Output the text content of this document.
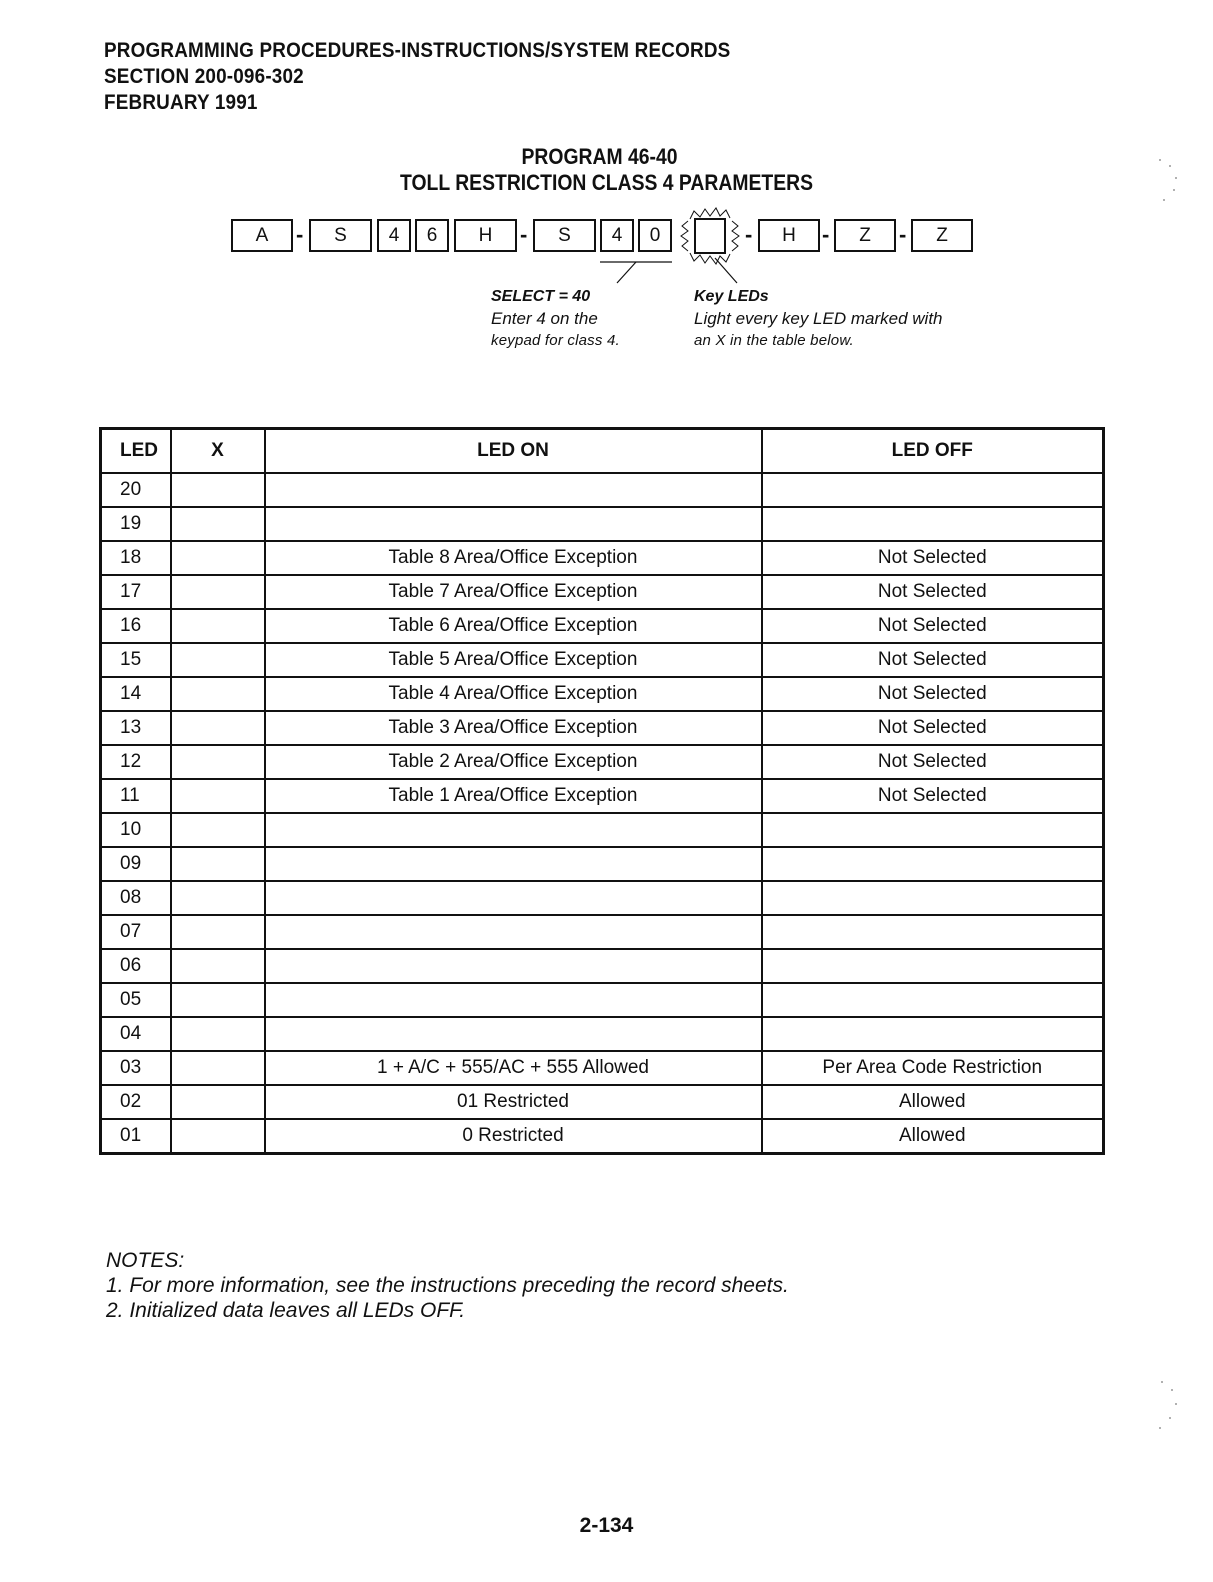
PROGRAMMING PROCEDURES-INSTRUCTIONS/SYSTEM RECORDS
SECTION 200-096-302
FEBRUARY 1991
PROGRAM 46-40
TOLL RESTRICTION CLASS 4 PARAMETERS
A	-	S	4	6	H	-	S	4	0	-	H	-	Z	-	Z
SELECT = 40
Enter 4 on the
keypad for class 4.
Key LEDs
Light every key LED marked with
an X in the table below.
LED	X	LED ON	LED OFF
20			
19			
18		Table 8 Area/Office Exception	Not Selected
17		Table 7 Area/Office Exception	Not Selected
16		Table 6 Area/Office Exception	Not Selected
15		Table 5 Area/Office Exception	Not Selected
14		Table 4 Area/Office Exception	Not Selected
13		Table 3 Area/Office Exception	Not Selected
12		Table 2 Area/Office Exception	Not Selected
11		Table 1 Area/Office Exception	Not Selected
10			
09			
08			
07			
06			
05			
04			
03		1 + A/C + 555/AC + 555 Allowed	Per Area Code Restriction
02		01 Restricted	Allowed
01		0 Restricted	Allowed
NOTES:
1. For more information, see the instructions preceding the record sheets.
2. Initialized data leaves all LEDs OFF.
2-134
